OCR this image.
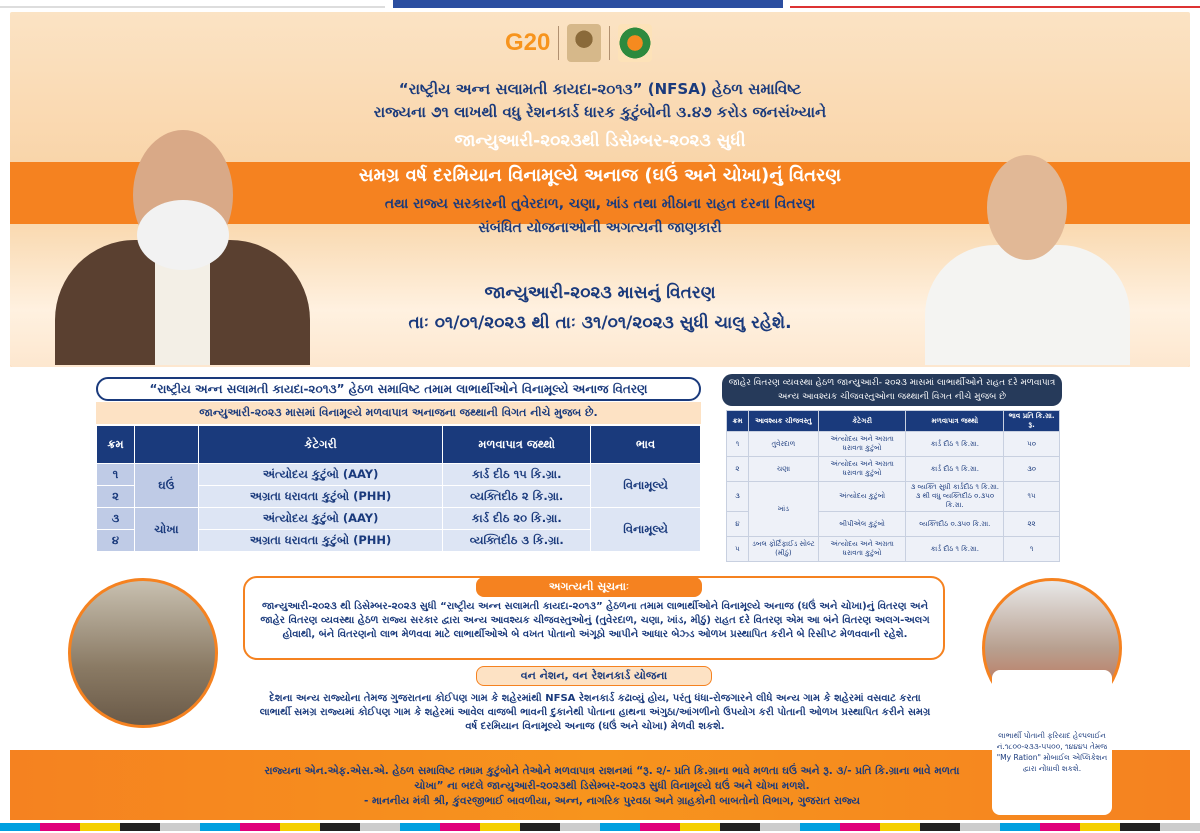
G20
“રાષ્ટ્રીય અન્ન સલામતી કાયદા-૨૦૧૩” (NFSA) હેઠળ સમાવિષ્ટ
રાજ્યના ૭૧ લાખથી વધુ રેશનકાર્ડ ધારક કુટુંબોની ૩.૪૭ કરોડ જનસંખ્યાને
જાન્યુઆરી-૨૦૨૩થી ડિસેમ્બર-૨૦૨૩ સુધી
સમગ્ર વર્ષ દરમિયાન વિનામૂલ્યે અનાજ (ઘઉં અને ચોખા)નું વિતરણ
તથા રાજ્ય સરકારની તુવેરદાળ, ચણા, ખાંડ તથા મીઠાના રાહત દરના વિતરણ
સંબંધિત યોજનાઓની અગત્યની જાણકારી
જાન્યુઆરી-૨૦૨૩ માસનું વિતરણ
તાઃ ૦૧/૦૧/૨૦૨૩ થી તાઃ ૩૧/૦૧/૨૦૨૩ સુધી ચાલુ રહેશે.
“રાષ્ટ્રીય અન્ન સલામતી કાયદા-૨૦૧૩” હેઠળ સમાવિષ્ટ તમામ લાભાર્થીઓને વિનામૂલ્યે અનાજ વિતરણ
જાન્યુઆરી-૨૦૨૩ માસમાં વિનામૂલ્યે મળવાપાત્ર અનાજના જથ્થાની વિગત નીચે મુજબ છે.
ક્રમ		કેટેગરી	મળવાપાત્ર જથ્થો	ભાવ
૧	ઘઉં	અંત્યોદય કુટુંબો (AAY)	કાર્ડ દીઠ ૧૫ કિ.ગ્રા.	વિનામૂલ્યે
૨		અગ્રતા ધરાવતા કુટુંબો (PHH)	વ્યક્તિદીઠ ૨ કિ.ગ્રા.	
૩	ચોખા	અંત્યોદય કુટુંબો (AAY)	કાર્ડ દીઠ ૨૦ કિ.ગ્રા.	વિનામૂલ્યે
૪		અગ્રતા ધરાવતા કુટુંબો (PHH)	વ્યક્તિદીઠ ૩ કિ.ગ્રા.	
જાહેર વિતરણ વ્યવસ્થા હેઠળ જાન્યુઆરી- ૨૦૨૩ માસમાં લાભાર્થીઓને રાહત દરે મળવાપાત્ર અન્ય આવશ્યક ચીજવસ્તુઓના જથ્થાની વિગત નીચે મુજબ છે
ક્રમ	આવશ્યક ચીજવસ્તુ	કેટેગરી	મળવાપાત્ર જથ્થો	ભાવ પ્રતિ કિ.ગ્રા. રૂ.
૧	તુવેરદાળ	અંત્યોદય અને અગ્રતા ધરાવતા કુટુંબો	કાર્ડ દીઠ ૧ કિ.ગ્રા.	૫૦
૨	ચણા	અંત્યોદય અને અગ્રતા ધરાવતા કુટુંબો	કાર્ડ દીઠ ૧ કિ.ગ્રા.	૩૦
૩	ખાંડ	અંત્યોદય કુટુંબો	૩ વ્યક્તિ સુધી કાર્ડદીઠ ૧ કિ.ગ્રા. ૩ થી વધુ વ્યક્તિદીઠ ૦.૩૫૦ કિ.ગ્રા.	૧૫
૪		બીપીએલ કુટુંબો	વ્યક્તિદીઠ ૦.૩૫૦ કિ.ગ્રા.	૨૨
૫	ડબલ ફોર્ટિફાઈડ સોલ્ટ (મીઠું)	અંત્યોદય અને અગ્રતા ધરાવતા કુટુંબો	કાર્ડ દીઠ ૧ કિ.ગ્રા.	૧
અગત્યની સૂચનાઃ
જાન્યુઆરી-૨૦૨૩ થી ડિસેમ્બર-૨૦૨૩ સુધી “રાષ્ટ્રીય અન્ન સલામતી કાયદા-૨૦૧૩” હેઠળના તમામ લાભાર્થીઓને વિનામૂલ્યે અનાજ (ઘઉં અને ચોખા)નું વિતરણ અને જાહેર વિતરણ વ્યવસ્થા હેઠળ રાજ્ય સરકાર દ્વારા અન્ય આવશ્યક ચીજવસ્તુઓનું (તુવેરદાળ, ચણા, ખાંડ, મીઠું) રાહત દરે વિતરણ એમ આ બંને વિતરણ અલગ-અલગ હોવાથી, બંને વિતરણનો લાભ મેળવવા માટે લાભાર્થીઓએ બે વખત પોતાનો અંગૂઠો આપીને આધાર બેઝ્ડ ઓળખ પ્રસ્થાપિત કરીને બે રિસીપ્ટ મેળવવાની રહેશે.
વન નેશન, વન રેશનકાર્ડ યોજના
દેશના અન્ય રાજ્યોના તેમજ ગુજરાતના કોઈપણ ગામ કે શહેરમાંથી NFSA રેશનકાર્ડ કઢાવ્યું હોય, પરંતુ ધંધા-રોજગારને લીધે અન્ય ગામ કે શહેરમાં વસવાટ કરતા લાભાર્થી સમગ્ર રાજ્યમાં કોઈપણ ગામ કે શહેરમાં આવેલ વાજબી ભાવની દુકાનેથી પોતાના હાથના અંગુઠા/આંગળીનો ઉપયોગ કરી પોતાની ઓળખ પ્રસ્થાપિત કરીને સમગ્ર વર્ષ દરમિયાન વિનામૂલ્યે અનાજ (ઘઉં અને ચોખા) મેળવી શકશે.
રાજ્યના એન.એફ.એસ.એ. હેઠળ સમાવિષ્ટ તમામ કુટુંબોને તેઓને મળવાપાત્ર રાશનમાં “રૂ. ૨/- પ્રતિ કિ.ગ્રાના ભાવે મળતા ઘઉં અને રૂ. ૩/- પ્રતિ કિ.ગ્રાના ભાવે મળતા ચોખા” ના બદલે જાન્યુઆરી-૨૦૨૩થી ડિસેમ્બર-૨૦૨૩ સુધી વિનામૂલ્યે ઘઉં અને ચોખા મળશે.
- માનનીય મંત્રી શ્રી, કુંવરજીભાઈ બાવળીયા, અન્ન, નાગરિક પુરવઠા અને ગ્રાહકોની બાબતોનો વિભાગ, ગુજરાત રાજ્ય
લાભાર્થી પોતાની ફરિયાદ હેલ્પલાઈન નં.૧૮૦૦-૨૩૩-૫૫૦૦, ૧૪૪૪૫ તેમજ "My Ration" મોબાઈલ એપ્લિકેશન દ્વારા નોંધાવી શકશે.
